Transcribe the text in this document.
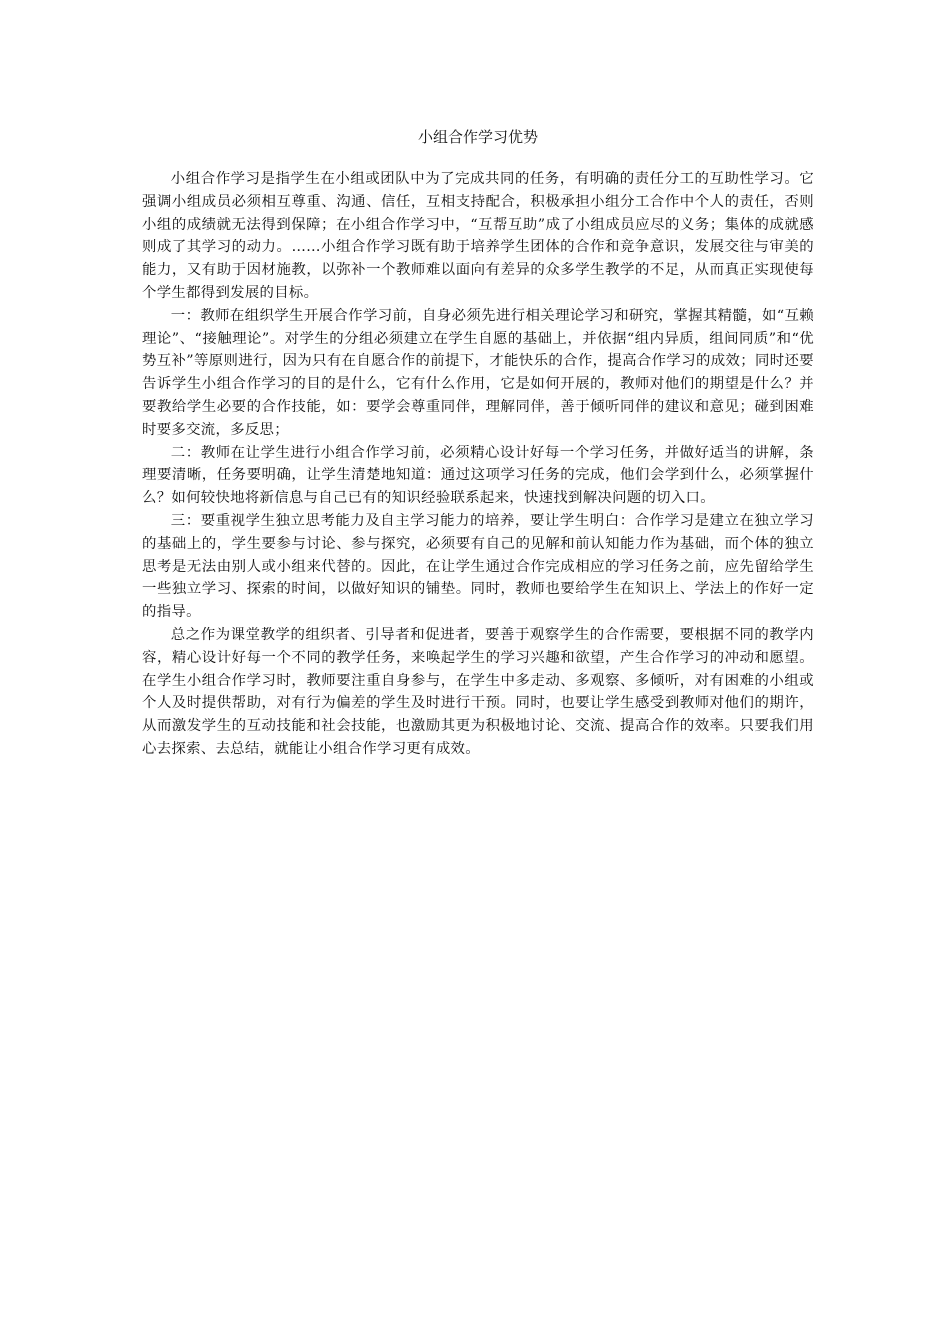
小组合作学习优势

小组合作学习是指学生在小组或团队中为了完成共同的任务，有明确的责任分工的互助性学习。它强调小组成员必须相互尊重、沟通、信任，互相支持配合，积极承担小组分工合作中个人的责任，否则小组的成绩就无法得到保障；在小组合作学习中，“互帮互助”成了小组成员应尽的义务；集体的成就感则成了其学习的动力。……小组合作学习既有助于培养学生团体的合作和竞争意识，发展交往与审美的能力，又有助于因材施教，以弥补一个教师难以面向有差异的众多学生教学的不足，从而真正实现使每个学生都得到发展的目标。

一：教师在组织学生开展合作学习前，自身必须先进行相关理论学习和研究，掌握其精髓，如“互赖理论”、“接触理论”。对学生的分组必须建立在学生自愿的基础上，并依据“组内异质，组间同质”和“优势互补”等原则进行，因为只有在自愿合作的前提下，才能快乐的合作，提高合作学习的成效；同时还要告诉学生小组合作学习的目的是什么，它有什么作用，它是如何开展的，教师对他们的期望是什么？并要教给学生必要的合作技能，如：要学会尊重同伴，理解同伴，善于倾听同伴的建议和意见；碰到困难时要多交流，多反思；

二：教师在让学生进行小组合作学习前，必须精心设计好每一个学习任务，并做好适当的讲解，条理要清晰，任务要明确，让学生清楚地知道：通过这项学习任务的完成，他们会学到什么，必须掌握什么？如何较快地将新信息与自己已有的知识经验联系起来，快速找到解决问题的切入口。

三：要重视学生独立思考能力及自主学习能力的培养，要让学生明白：合作学习是建立在独立学习的基础上的，学生要参与讨论、参与探究，必须要有自己的见解和前认知能力作为基础，而个体的独立思考是无法由别人或小组来代替的。因此，在让学生通过合作完成相应的学习任务之前，应先留给学生一些独立学习、探索的时间，以做好知识的铺垫。同时，教师也要给学生在知识上、学法上的作好一定的指导。

总之作为课堂教学的组织者、引导者和促进者，要善于观察学生的合作需要，要根据不同的教学内容，精心设计好每一个不同的教学任务，来唤起学生的学习兴趣和欲望，产生合作学习的冲动和愿望。在学生小组合作学习时，教师要注重自身参与，在学生中多走动、多观察、多倾听，对有困难的小组或个人及时提供帮助，对有行为偏差的学生及时进行干预。同时，也要让学生感受到教师对他们的期许，从而激发学生的互动技能和社会技能，也激励其更为积极地讨论、交流、提高合作的效率。只要我们用心去探索、去总结，就能让小组合作学习更有成效。
